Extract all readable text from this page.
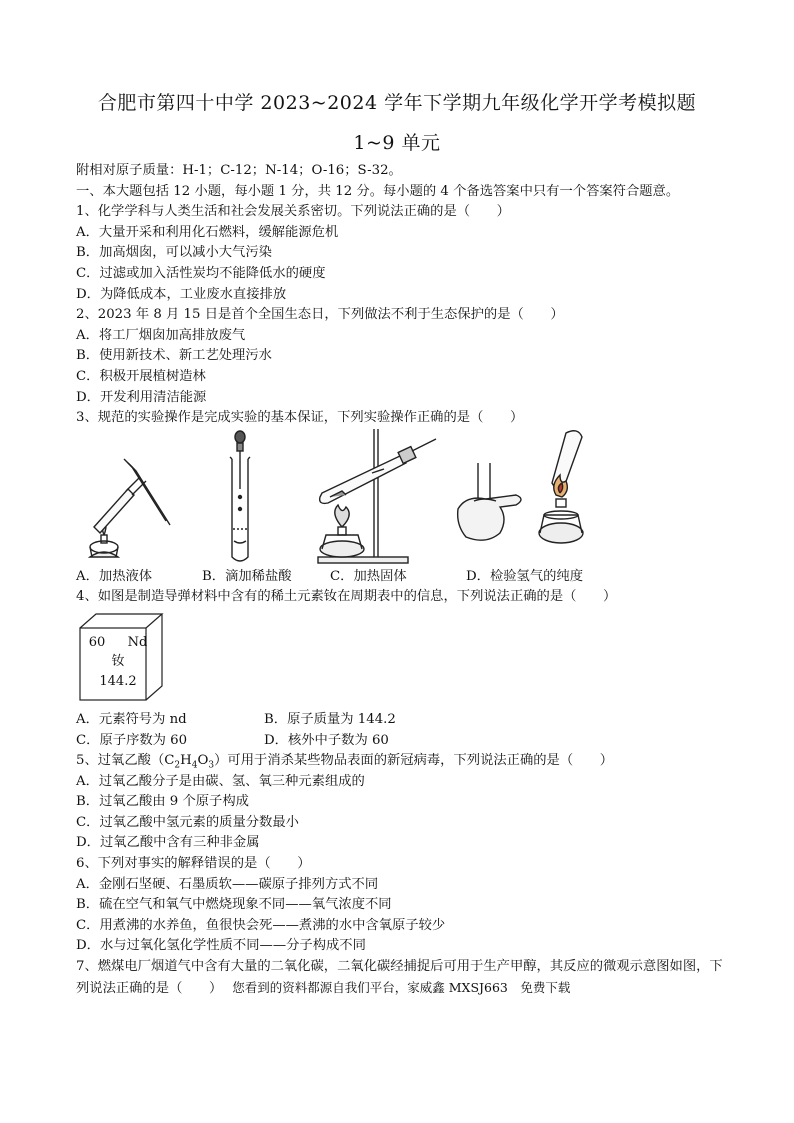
合肥市第四十中学 2023~2024 学年下学期九年级化学开学考模拟题
1~9 单元
附相对原子质量：H-1；C-12；N-14；O-16；S-32。
一、本大题包括 12 小题，每小题 1 分，共 12 分。每小题的 4 个备选答案中只有一个答案符合题意。
1、化学学科与人类生活和社会发展关系密切。下列说法正确的是（　　）
A．大量开采和利用化石燃料，缓解能源危机
B．加高烟囱，可以减小大气污染
C．过滤或加入活性炭均不能降低水的硬度
D．为降低成本，工业废水直接排放
2、2023 年 8 月 15 日是首个全国生态日，下列做法不利于生态保护的是（　　）
A．将工厂烟囱加高排放废气
B．使用新技术、新工艺处理污水
C．积极开展植树造林
D．开发利用清洁能源
3、规范的实验操作是完成实验的基本保证，下列实验操作正确的是（　　）
A．加热液体	B．滴加稀盐酸	C．加热固体	D．检验氢气的纯度
4、如图是制造导弹材料中含有的稀土元素钕在周期表中的信息，下列说法正确的是（　　）
60 Nd
钕
144.2
A．元素符号为 nd	B．原子质量为 144.2
C．原子序数为 60	D．核外中子数为 60
5、过氧乙酸$(C_2H_4O_3)$可用于消杀某些物品表面的新冠病毒，下列说法正确的是（　　）
A．过氧乙酸分子是由碳、氢、氧三种元素组成的
B．过氧乙酸由 9 个原子构成
C．过氧乙酸中氢元素的质量分数最小
D．过氧乙酸中含有三种非金属
6、下列对事实的解释错误的是（　　）
A．金刚石坚硬、石墨质软——碳原子排列方式不同
B．硫在空气和氧气中燃烧现象不同——氧气浓度不同
C．用煮沸的水养鱼，鱼很快会死——煮沸的水中含氧原子较少
D．水与过氧化氢化学性质不同——分子构成不同
7、燃煤电厂烟道气中含有大量的二氧化碳，二氧化碳经捕捉后可用于生产甲醇，其反应的微观示意图如图，下列说法正确的是（　　） 您看到的资料都源自我们平台，家威鑫 MXSJ663　免费下载
